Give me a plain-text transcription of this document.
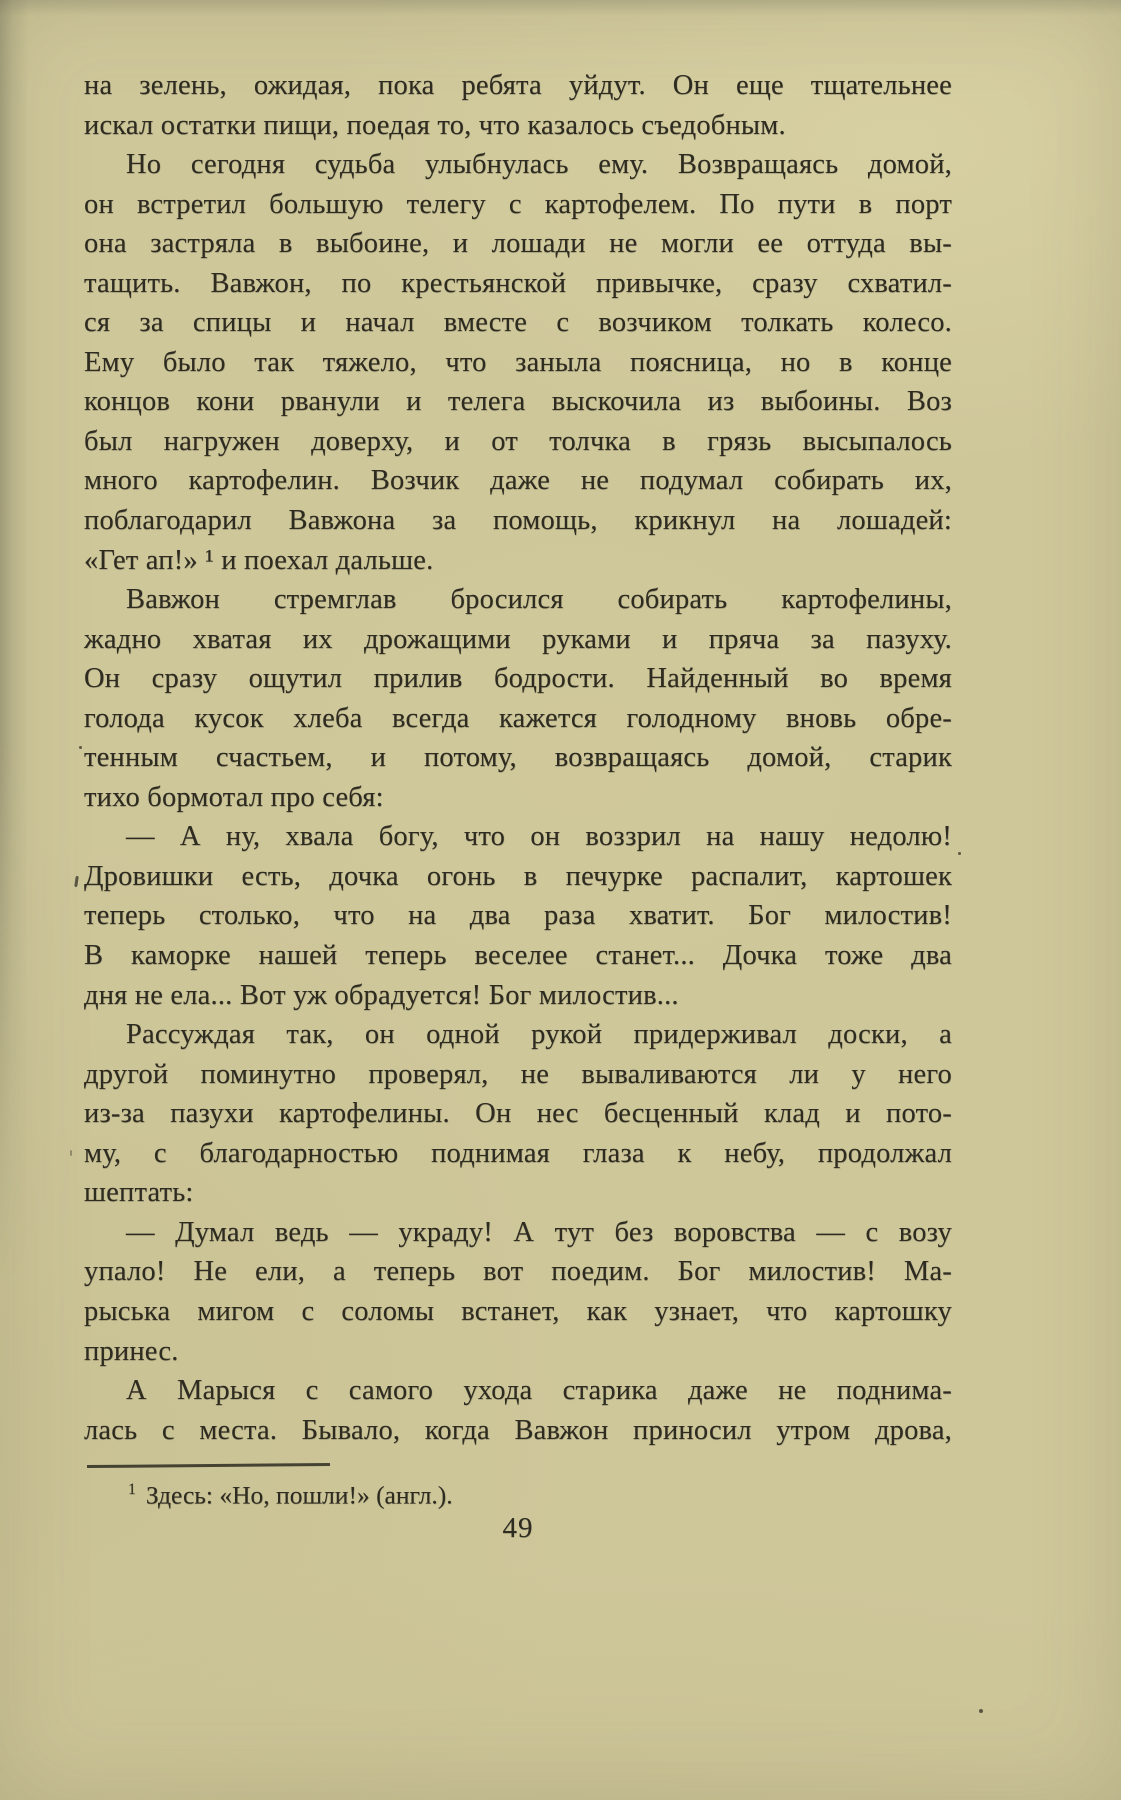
на зелень, ожидая, пока ребята уйдут. Он еще тщательнее
искал остатки пищи, поедая то, что казалось съедобным.
Но сегодня судьба улыбнулась ему. Возвращаясь домой,
он встретил большую телегу с картофелем. По пути в порт
она застряла в выбоине, и лошади не могли ее оттуда вы-
тащить. Вавжон, по крестьянской привычке, сразу схватил-
ся за спицы и начал вместе с возчиком толкать колесо.
Ему было так тяжело, что заныла поясница, но в конце
концов кони рванули и телега выскочила из выбоины. Воз
был нагружен доверху, и от толчка в грязь высыпалось
много картофелин. Возчик даже не подумал собирать их,
поблагодарил Вавжона за помощь, крикнул на лошадей:
«Гет ап!» ¹ и поехал дальше.
Вавжон стремглав бросился собирать картофелины,
жадно хватая их дрожащими руками и пряча за пазуху.
Он сразу ощутил прилив бодрости. Найденный во время
голода кусок хлеба всегда кажется голодному вновь обре-
тенным счастьем, и потому, возвращаясь домой, старик
тихо бормотал про себя:
— А ну, хвала богу, что он воззрил на нашу недолю!
Дровишки есть, дочка огонь в печурке распалит, картошек
теперь столько, что на два раза хватит. Бог милостив!
В каморке нашей теперь веселее станет... Дочка тоже два
дня не ела... Вот уж обрадуется! Бог милостив...
Рассуждая так, он одной рукой придерживал доски, а
другой поминутно проверял, не вываливаются ли у него
из-за пазухи картофелины. Он нес бесценный клад и пото-
му, с благодарностью поднимая глаза к небу, продолжал
шептать:
— Думал ведь — украду! А тут без воровства — с возу
упало! Не ели, а теперь вот поедим. Бог милостив! Ма-
рыська мигом с соломы встанет, как узнает, что картошку
принес.
А Марыся с самого ухода старика даже не поднима-
лась с места. Бывало, когда Вавжон приносил утром дрова,
$^1$ Здесь: «Но, пошли!» (англ.).
49
